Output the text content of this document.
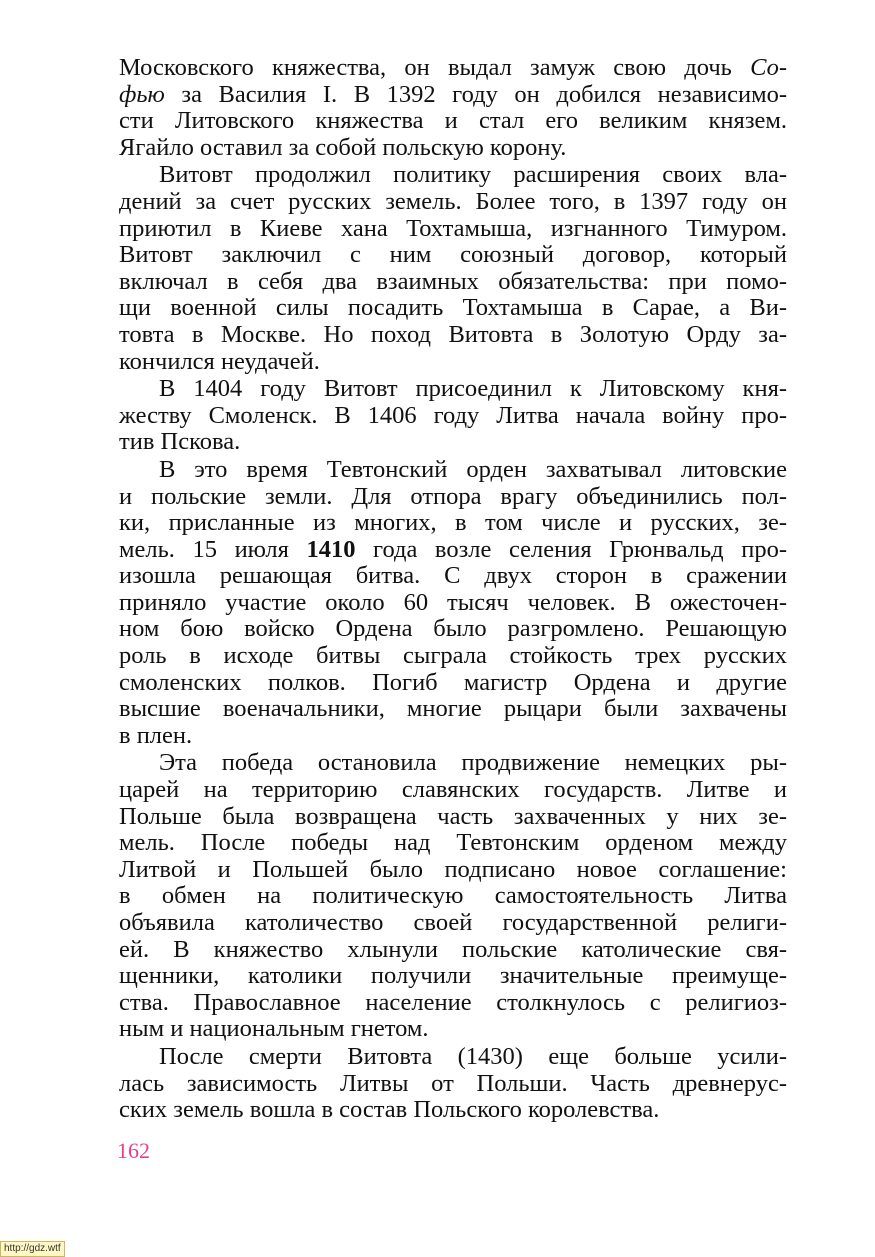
Московского княжества, он выдал замуж свою дочь Со-
фью за Василия I. В 1392 году он добился независимо-
сти Литовского княжества и стал его великим князем.
Ягайло оставил за собой польскую корону.
Витовт продолжил политику расширения своих вла-
дений за счет русских земель. Более того, в 1397 году он
приютил в Киеве хана Тохтамыша, изгнанного Тимуром.
Витовт заключил с ним союзный договор, который
включал в себя два взаимных обязательства: при помо-
щи военной силы посадить Тохтамыша в Сарае, а Ви-
товта в Москве. Но поход Витовта в Золотую Орду за-
кончился неудачей.
В 1404 году Витовт присоединил к Литовскому кня-
жеству Смоленск. В 1406 году Литва начала войну про-
тив Пскова.
В это время Тевтонский орден захватывал литовские
и польские земли. Для отпора врагу объединились пол-
ки, присланные из многих, в том числе и русских, зе-
мель. 15 июля 1410 года возле селения Грюнвальд про-
изошла решающая битва. С двух сторон в сражении
приняло участие около 60 тысяч человек. В ожесточен-
ном бою войско Ордена было разгромлено. Решающую
роль в исходе битвы сыграла стойкость трех русских
смоленских полков. Погиб магистр Ордена и другие
высшие военачальники, многие рыцари были захвачены
в плен.
Эта победа остановила продвижение немецких ры-
царей на территорию славянских государств. Литве и
Польше была возвращена часть захваченных у них зе-
мель. После победы над Тевтонским орденом между
Литвой и Польшей было подписано новое соглашение:
в обмен на политическую самостоятельность Литва
объявила католичество своей государственной религи-
ей. В княжество хлынули польские католические свя-
щенники, католики получили значительные преимуще-
ства. Православное население столкнулось с религиоз-
ным и национальным гнетом.
После смерти Витовта (1430) еще больше усили-
лась зависимость Литвы от Польши. Часть древнерус-
ских земель вошла в состав Польского королевства.
162
http://gdz.wtf
